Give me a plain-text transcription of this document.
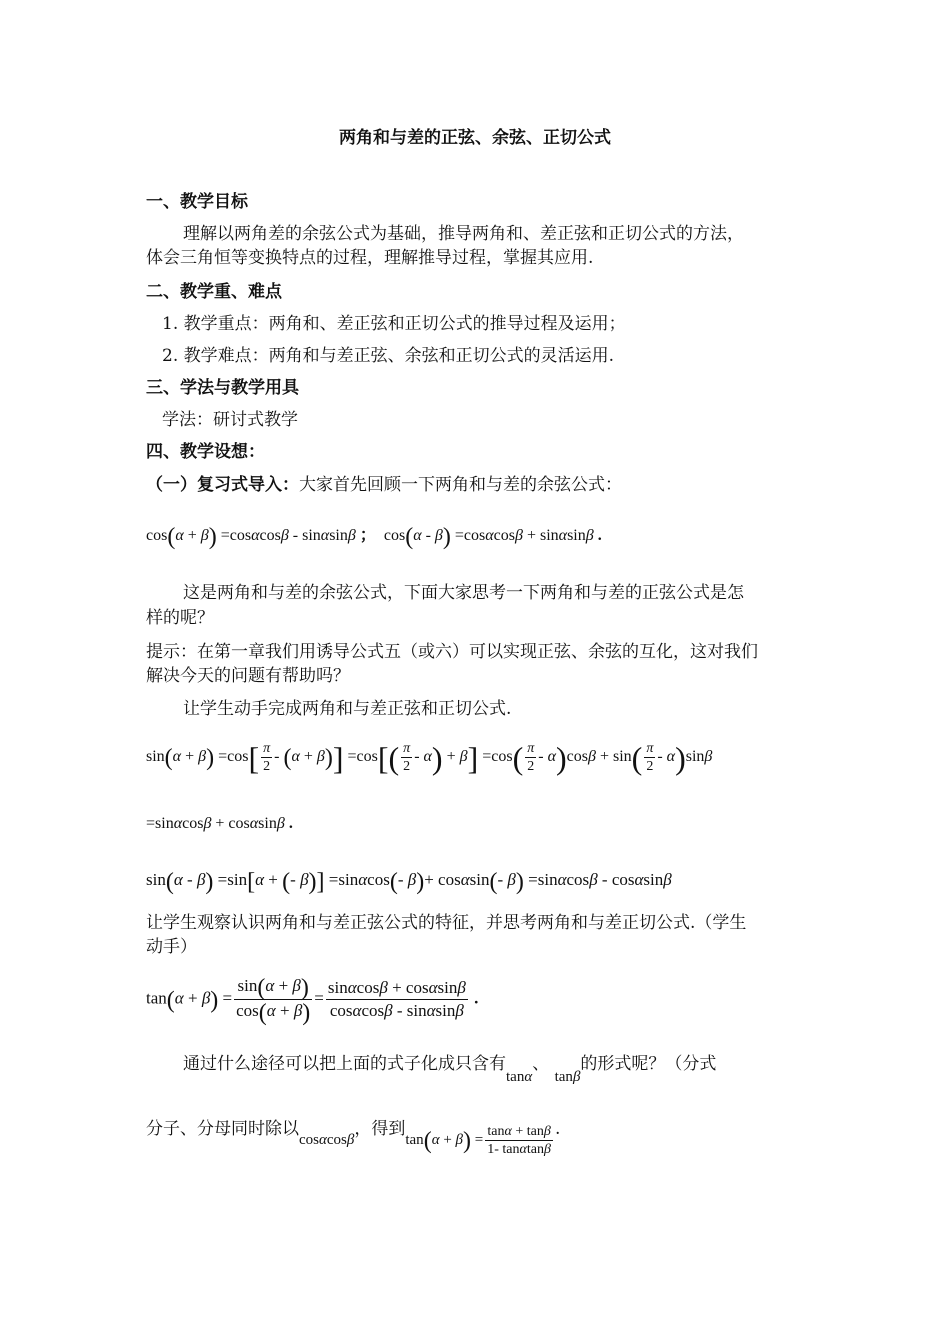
两角和与差的正弦、余弦、正切公式
一、教学目标
理解以两角差的余弦公式为基础，推导两角和、差正弦和正切公式的方法，
体会三角恒等变换特点的过程，理解推导过程，掌握其应用.
二、教学重、难点
1. 教学重点：两角和、差正弦和正切公式的推导过程及运用；
2. 教学难点：两角和与差正弦、余弦和正切公式的灵活运用.
三、学法与教学用具
学法：研讨式教学
四、教学设想：
（一）复习式导入：大家首先回顾一下两角和与差的余弦公式：
cos(α + β) =cosαcosβ - sinαsinβ ；  cos(α - β) =cosαcosβ + sinαsinβ .
这是两角和与差的余弦公式，下面大家思考一下两角和与差的正弦公式是怎
样的呢？
提示：在第一章我们用诱导公式五（或六）可以实现正弦、余弦的互化，这对我们
解决今天的问题有帮助吗？
让学生动手完成两角和与差正弦和正切公式.
$\sin(\alpha + \beta) =\cos[ \frac{\pi}{2} - (\alpha + \beta)] =\cos[( \frac{\pi}{2} - \alpha) + \beta] =\cos( \frac{\pi}{2} - \alpha)\cos\beta + \sin( \frac{\pi}{2} - \alpha)\sin\beta$
=sinαcosβ + cosαsinβ .
sin(α - β) =sin[α + (- β)] =sinαcos(- β)+ cosαsin(- β) =sinαcosβ - cosαsinβ
让学生观察认识两角和与差正弦公式的特征，并思考两角和与差正切公式.（学生
动手）
$\tan(\alpha + \beta) = \frac{\sin(\alpha + \beta)}{\cos(\alpha + \beta)} = \frac{\sin\alpha\cos\beta + \cos\alpha\sin\beta}{\cos\alpha\cos\beta - \sin\alpha\sin\beta}$ .
通过什么途径可以把上面的式子化成只含有tanα、 tanβ的形式呢？（分式
分子、分母同时除以cosαcosβ，得到$\tan(\alpha + \beta) = \frac{\tan\alpha + \tan\beta}{1- \tan\alpha\tan\beta}$ .
